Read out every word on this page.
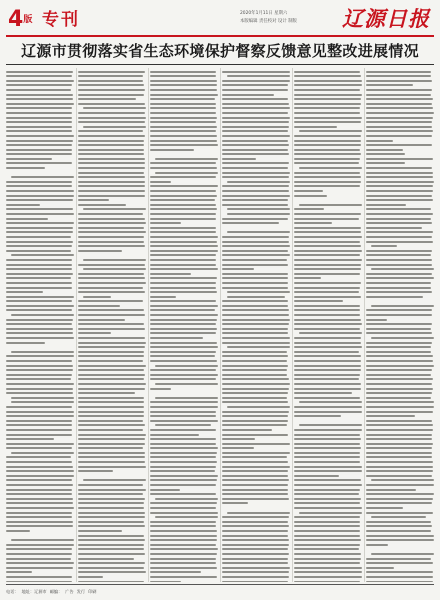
4版 专刊	2020年1月11日 星期六
本版编辑 责任校对 设计 制版 辽源日报
辽源市贯彻落实省生态环境保护督察反馈意见整改进展情况
电话： 地址：辽源市 邮编： 广告 发行 印刷
